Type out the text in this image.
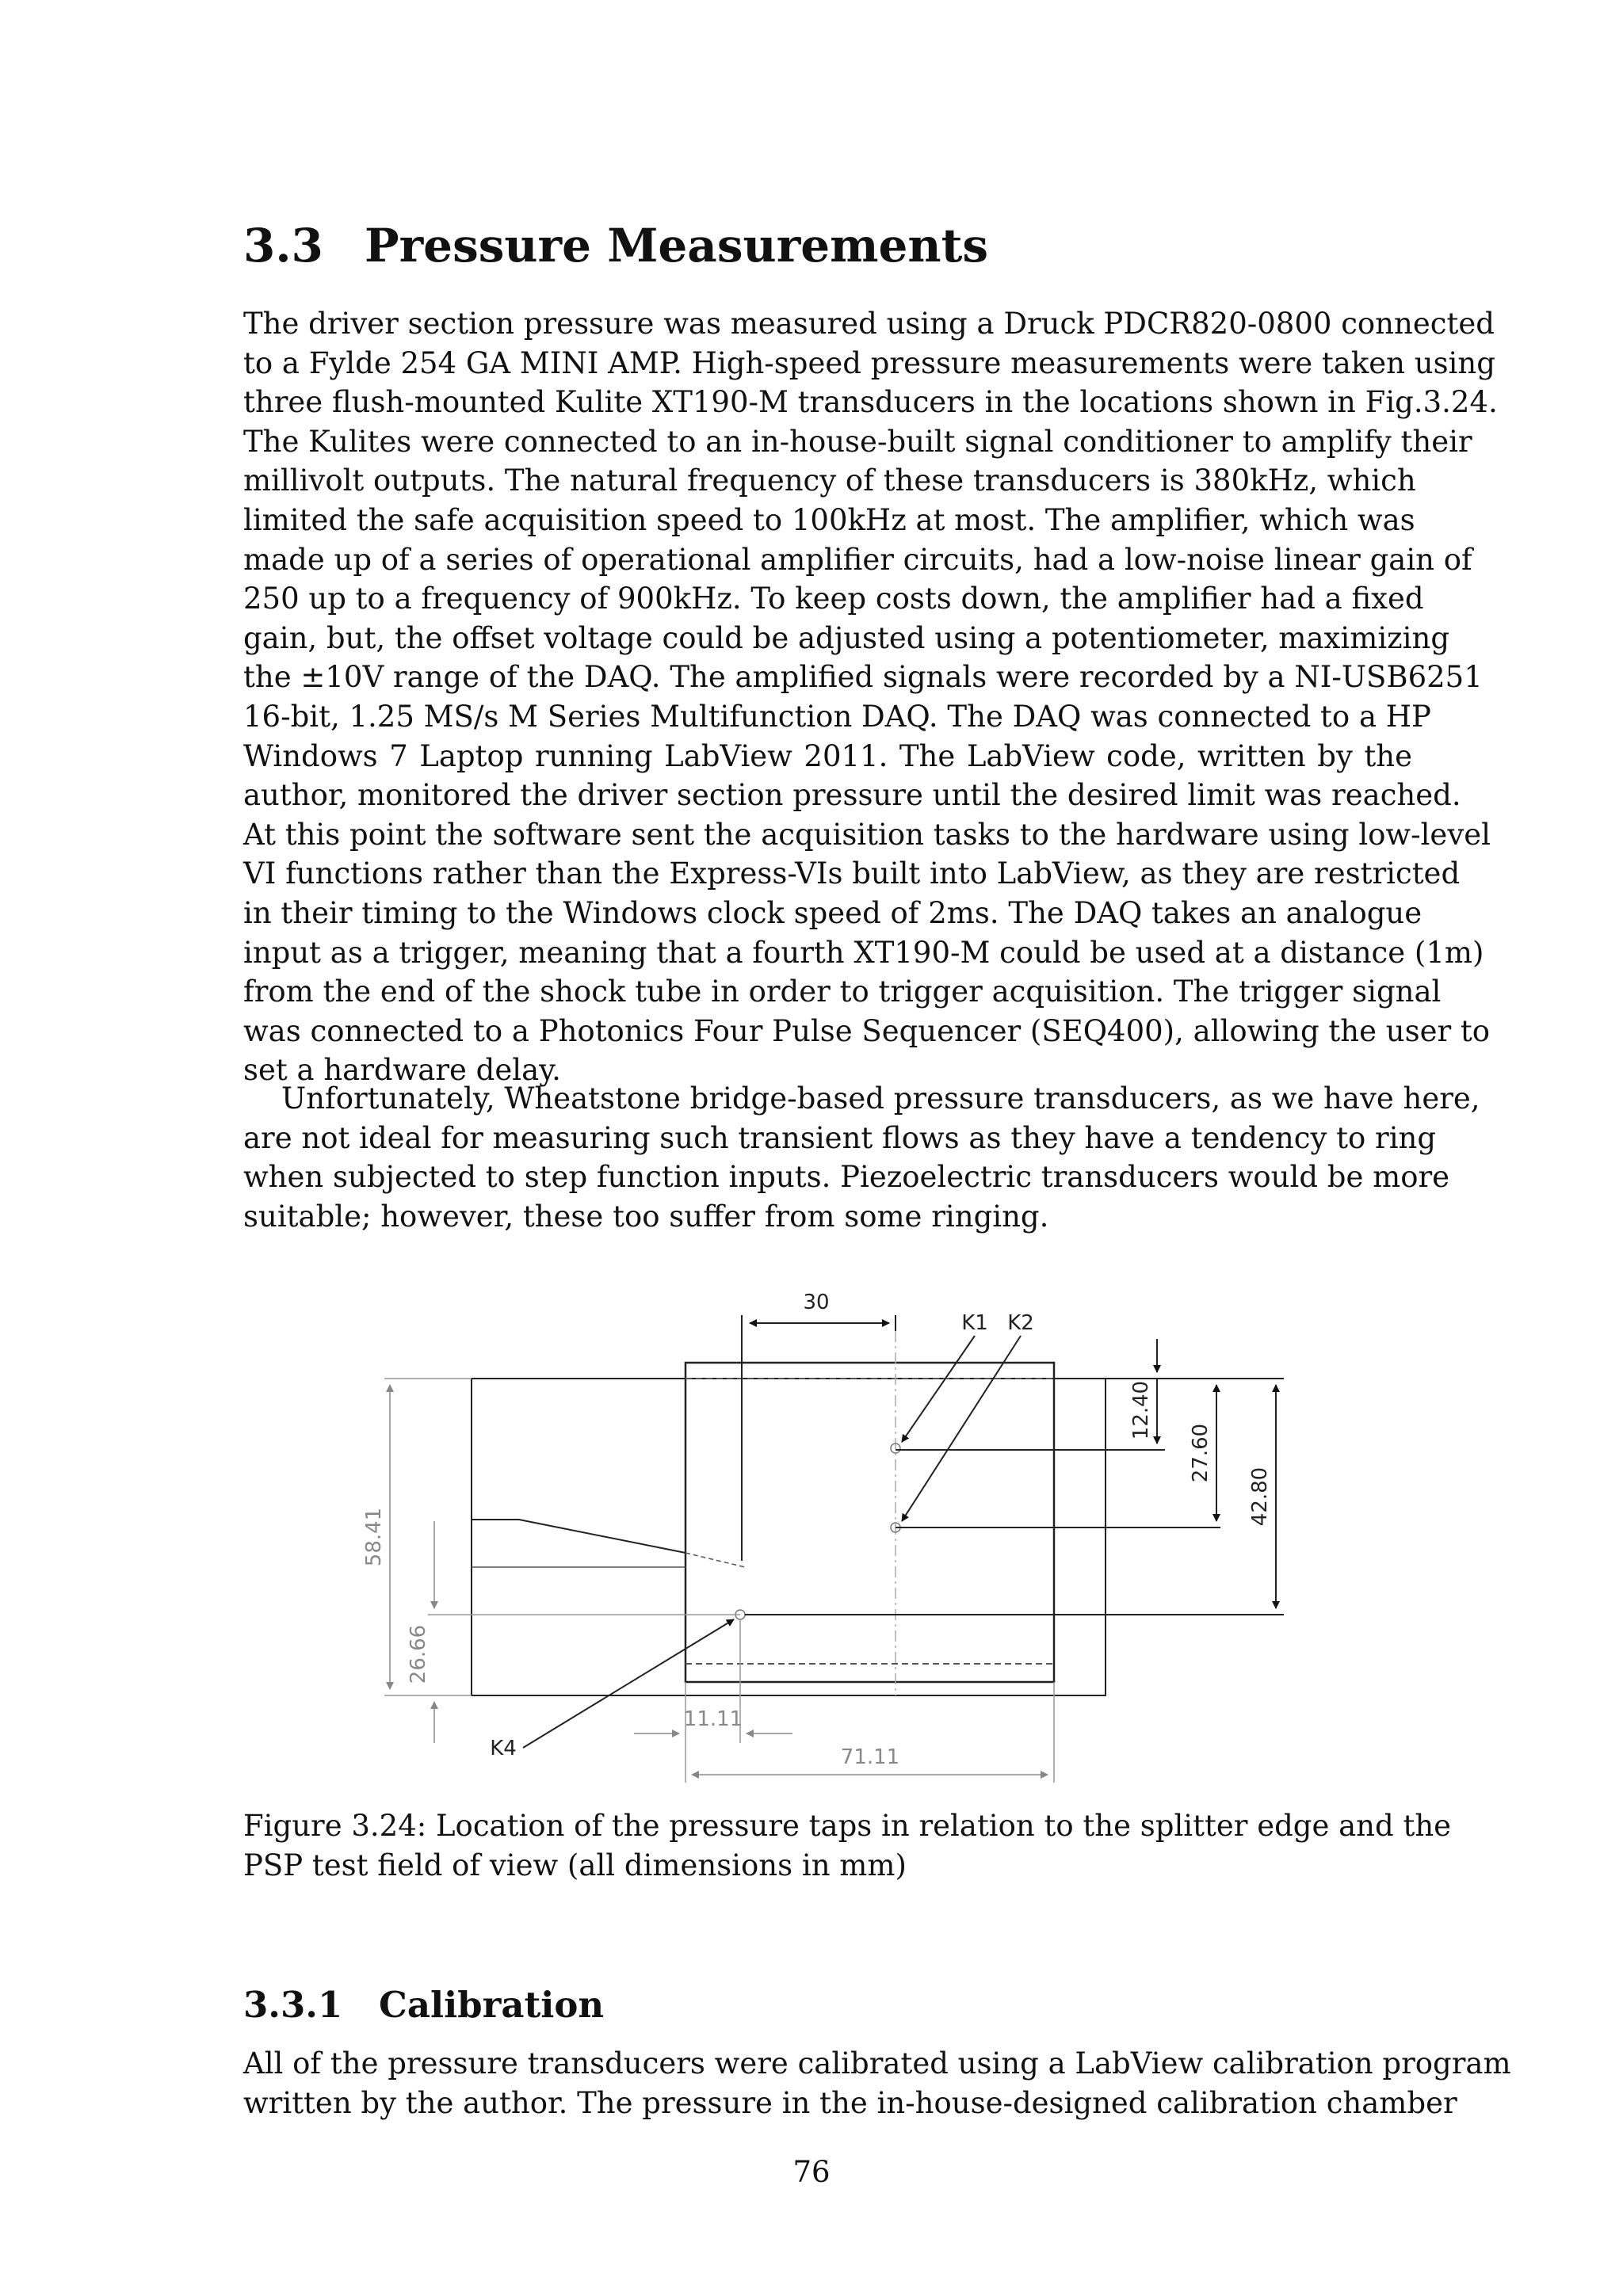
3.3 Pressure Measurements

The driver section pressure was measured using a Druck PDCR820-0800 connected
to a Fylde 254 GA MINI AMP. High-speed pressure measurements were taken using
three flush-mounted Kulite XT190-M transducers in the locations shown in Fig.3.24.
The Kulites were connected to an in-house-built signal conditioner to amplify their
millivolt outputs. The natural frequency of these transducers is 380kHz, which
limited the safe acquisition speed to 100kHz at most. The amplifier, which was
made up of a series of operational amplifier circuits, had a low-noise linear gain of
250 up to a frequency of 900kHz. To keep costs down, the amplifier had a fixed
gain, but, the offset voltage could be adjusted using a potentiometer, maximizing
the ±10V range of the DAQ. The amplified signals were recorded by a NI-USB6251
16-bit, 1.25 MS/s M Series Multifunction DAQ. The DAQ was connected to a HP
Windows 7 Laptop running LabView 2011. The LabView code, written by the
author, monitored the driver section pressure until the desired limit was reached.
At this point the software sent the acquisition tasks to the hardware using low-level
VI functions rather than the Express-VIs built into LabView, as they are restricted
in their timing to the Windows clock speed of 2ms. The DAQ takes an analogue
input as a trigger, meaning that a fourth XT190-M could be used at a distance (1m)
from the end of the shock tube in order to trigger acquisition. The trigger signal
was connected to a Photonics Four Pulse Sequencer (SEQ400), allowing the user to
set a hardware delay.

Unfortunately, Wheatstone bridge-based pressure transducers, as we have here,
are not ideal for measuring such transient flows as they have a tendency to ring
when subjected to step function inputs. Piezoelectric transducers would be more
suitable; however, these too suffer from some ringing.

30
K1 K2
12.40
27.60
42.80
58.41
26.66
K4
11.11
71.11

Figure 3.24: Location of the pressure taps in relation to the splitter edge and the
PSP test field of view (all dimensions in mm)

3.3.1 Calibration

All of the pressure transducers were calibrated using a LabView calibration program
written by the author. The pressure in the in-house-designed calibration chamber

76
